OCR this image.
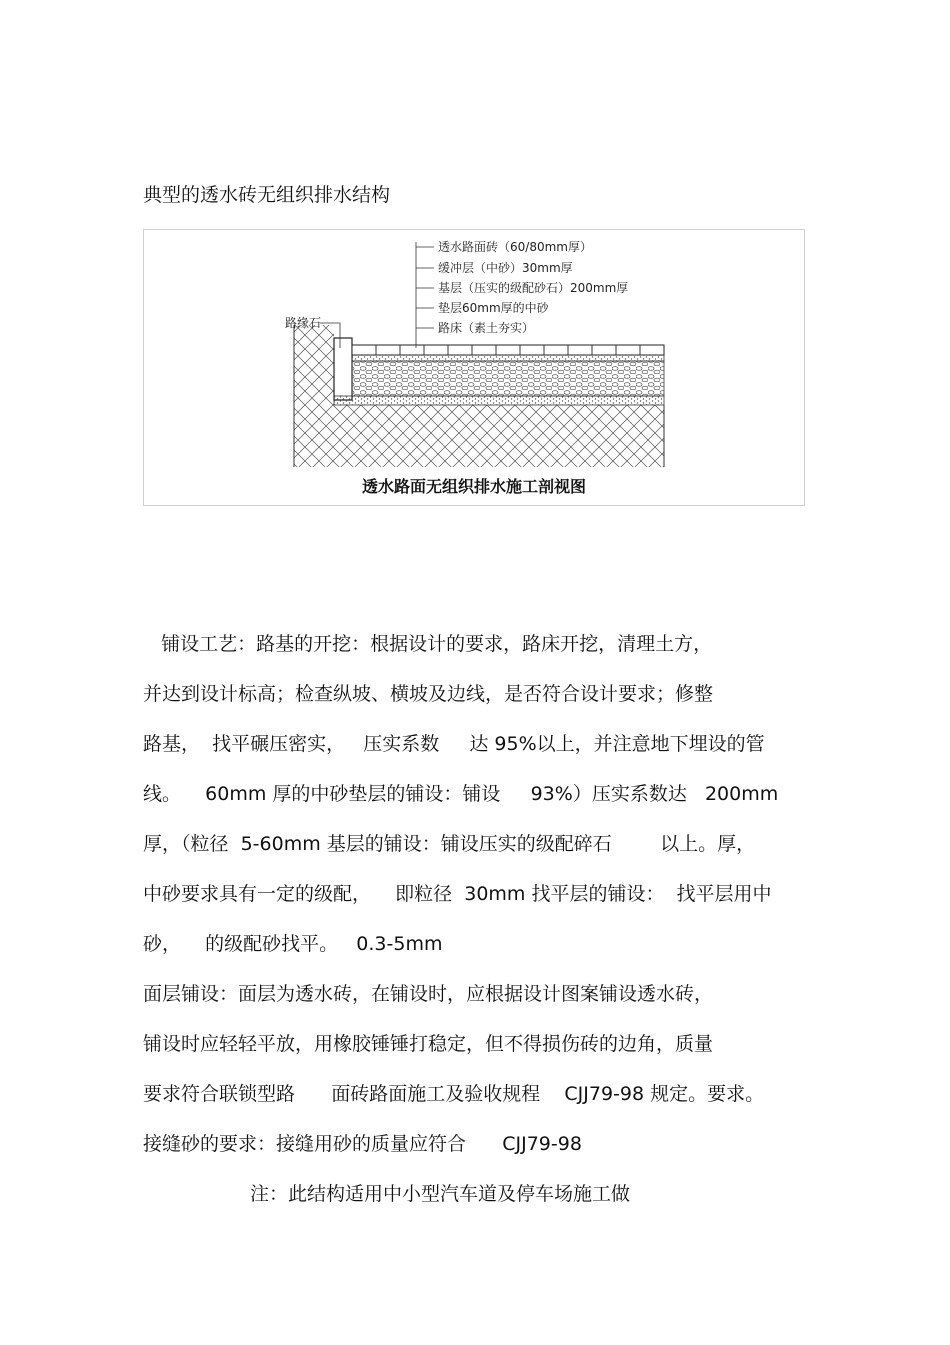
典型的透水砖无组织排水结构
路缘石
透水路面砖（60/80mm厚）
缓冲层（中砂）30mm厚
基层（压实的级配砂石）200mm厚
垫层60mm厚的中砂
路床（素土夯实）
透水路面无组织排水施工剖视图
铺设工艺：路基的开挖：根据设计的要求，路床开挖，清理土方，
并达到设计标高；检查纵坡、横坡及边线，是否符合设计要求；修整
路基，  找平碾压密实，   压实系数     达 95%以上，并注意地下埋设的管
线。    60mm 厚的中砂垫层的铺设：铺设     93%）压实系数达   200mm
厚，（粒径  5-60mm 基层的铺设：铺设压实的级配碎石        以上。厚，
中砂要求具有一定的级配，    即粒径  30mm 找平层的铺设：  找平层用中
砂，    的级配砂找平。   0.3-5mm
面层铺设：面层为透水砖，在铺设时，应根据设计图案铺设透水砖，
铺设时应轻轻平放，用橡胶锤锤打稳定，但不得损伤砖的边角，质量
要求符合联锁型路      面砖路面施工及验收规程    CJJ79-98 规定。要求。
接缝砂的要求：接缝用砂的质量应符合      CJJ79-98
注：此结构适用中小型汽车道及停车场施工做
